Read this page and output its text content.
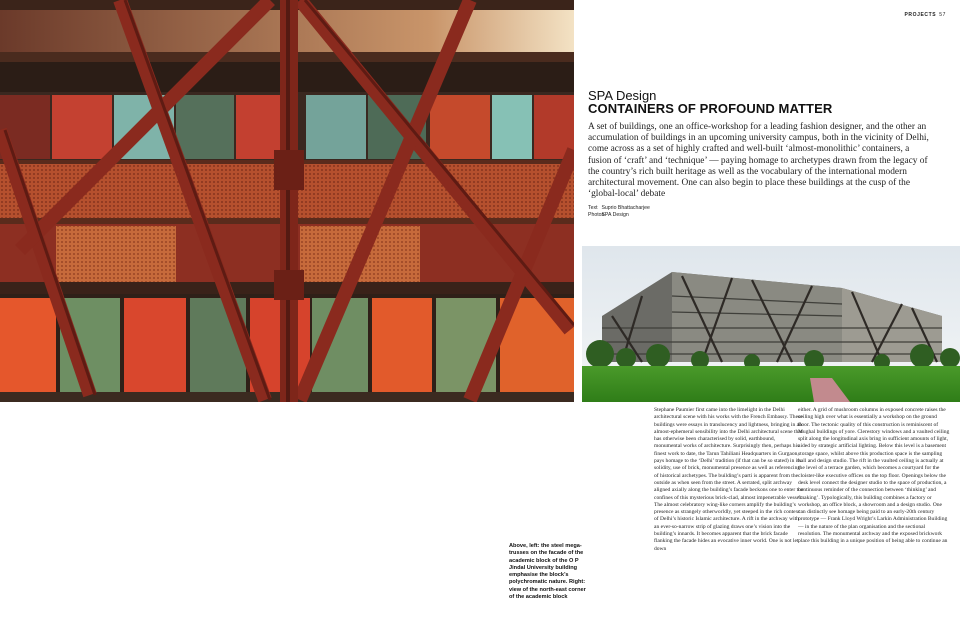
PROJECTS 57
SPA Design
CONTAINERS OF PROFOUND MATTER

A set of buildings, one an office-workshop for a leading fashion designer, and the other an accumulation of buildings in an upcoming university campus, both in the vicinity of Delhi, come across as a set of highly crafted and well-built ‘almost-monolithic’ containers, a fusion of ‘craft’ and ‘technique’ — paying homage to archetypes drawn from the legacy of the country’s rich built heritage as well as the vocabulary of the international modern architectural movement. One can also begin to place these buildings at the cusp of the ‘global-local’ debate

Text Suprio Bhattacharjee
Photos SPA Design

Above, left: the steel mega-trusses on the facade of the academic block of the O P Jindal University building emphasise the block’s polychromatic nature. Right: view of the north-east corner of the academic block

Stephane Paumier first came into the limelight in the Delhi architectural scene with his works with the French Embassy. These buildings were essays in translucency and lightness, bringing in an almost-ephemeral sensibility into the Delhi architectural scene that has otherwise been characterised by solid, earthbound, monumental works of architecture. Surprisingly then, perhaps his finest work to date, the Tarun Tahiliani Headquarters in Gurgaon, pays homage to the ‘Delhi’ tradition (if that can be so stated) in its solidity, use of brick, monumental presence as well as referencing of historical archetypes. The building’s parti is apparent from the outside as when seen from the street. A serrated, split archway aligned axially along the building’s facade beckons one to enter the confines of this mysterious brick-clad, almost impenetrable vessel. The almost celebratory wing-like corners amplify the building’s presence as strangely otherworldly, yet steeped in the rich context of Delhi’s historic Islamic architecture. A rift in the archway with an ever-so-narrow strip of glazing draws one’s vision into the building’s innards. It becomes apparent that the brick facade flanking the facade hides an evocative inner world. One is not let down

either. A grid of mushroom columns in exposed concrete raises the ceiling high over what is essentially a workshop on the ground floor. The tectonic quality of this construction is reminiscent of Mughal buildings of yore. Clerestory windows and a vaulted ceiling split along the longitudinal axis bring in sufficient amounts of light, aided by strategic artificial lighting. Below this level is a basement storage space, whilst above this production space is the sampling hall and design studio. The rift in the vaulted ceiling is actually at the level of a terrace garden, which becomes a courtyard for the cloister-like executive offices on the top floor. Openings below the desk level connect the designer studio to the space of production, a continuous reminder of the connection between ‘thinking’ and ‘making’. Typologically, this building combines a factory or workshop, an office block, a showroom and a design studio. One can distinctly see homage being paid to an early-20th century prototype — Frank Lloyd Wright’s Larkin Administration Building — in the nature of the plan organisation and the sectional resolution. The monumental archway and the exposed brickwork place this building in a unique position of being able to continue an
